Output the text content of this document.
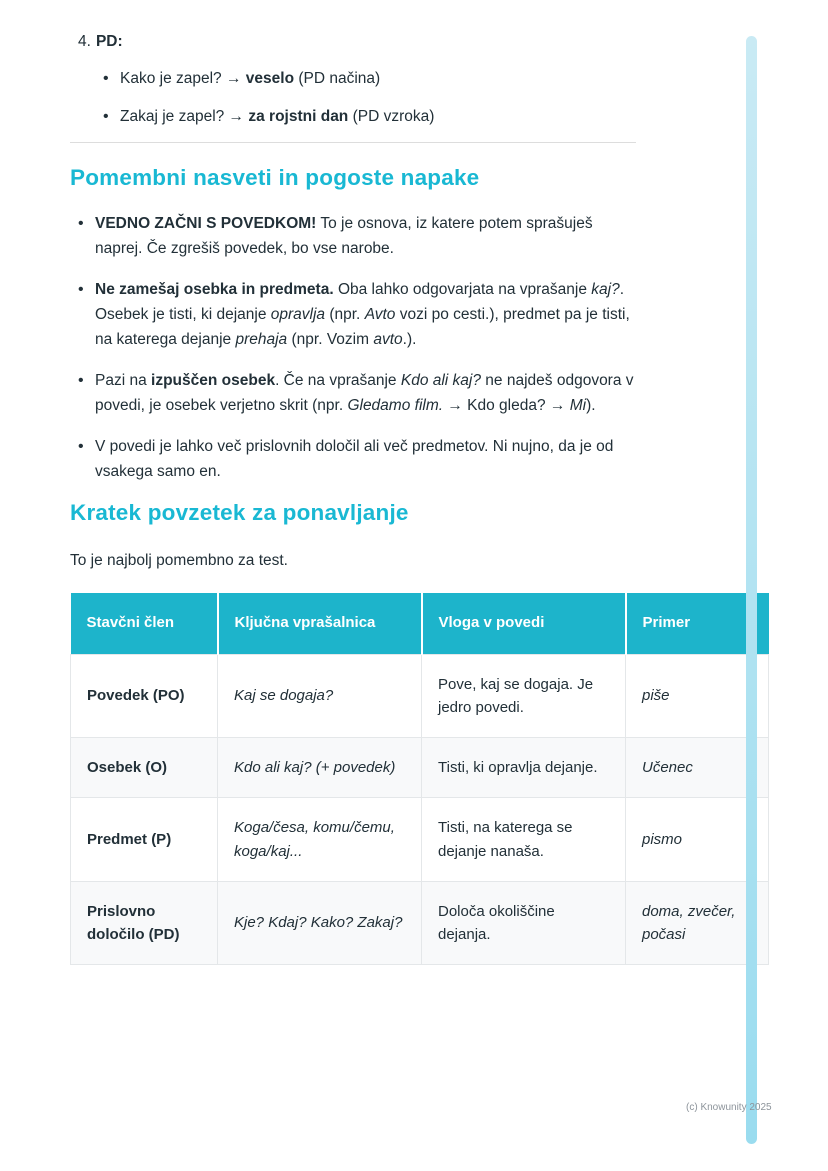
4. PD:
• Kako je zapel? → veselo (PD načina)
• Zakaj je zapel? → za rojstni dan (PD vzroka)
Pomembni nasveti in pogoste napake
• VEDNO ZAČNI S POVEDKOM! To je osnova, iz katere potem sprašuješ naprej. Če zgrešiš povedek, bo vse narobe.
• Ne zamešaj osebka in predmeta. Oba lahko odgovarjata na vprašanje kaj?. Osebek je tisti, ki dejanje opravlja (npr. Avto vozi po cesti.), predmet pa je tisti, na katerega dejanje prehaja (npr. Vozim avto.).
• Pazi na izpuščen osebek. Če na vprašanje Kdo ali kaj? ne najdeš odgovora v povedi, je osebek verjetno skrit (npr. Gledamo film. → Kdo gleda? → Mi).
• V povedi je lahko več prislovnih določil ali več predmetov. Ni nujno, da je od vsakega samo en.
Kratek povzetek za ponavljanje

To je najbolj pomembno za test.

Stavčni člen	Ključna vprašalnica	Vloga v povedi	Primer
Povedek (PO)	Kaj se dogaja?	Pove, kaj se dogaja. Je jedro povedi.	piše
Osebek (O)	Kdo ali kaj? (+ povedek)	Tisti, ki opravlja dejanje.	Učenec
Predmet (P)	Koga/česa, komu/čemu, koga/kaj...	Tisti, na katerega se dejanje nanaša.	pismo
Prislovno določilo (PD)	Kje? Kdaj? Kako? Zakaj?	Določa okoliščine dejanja.	doma, zvečer, počasi
(c) Knowunity 2025
